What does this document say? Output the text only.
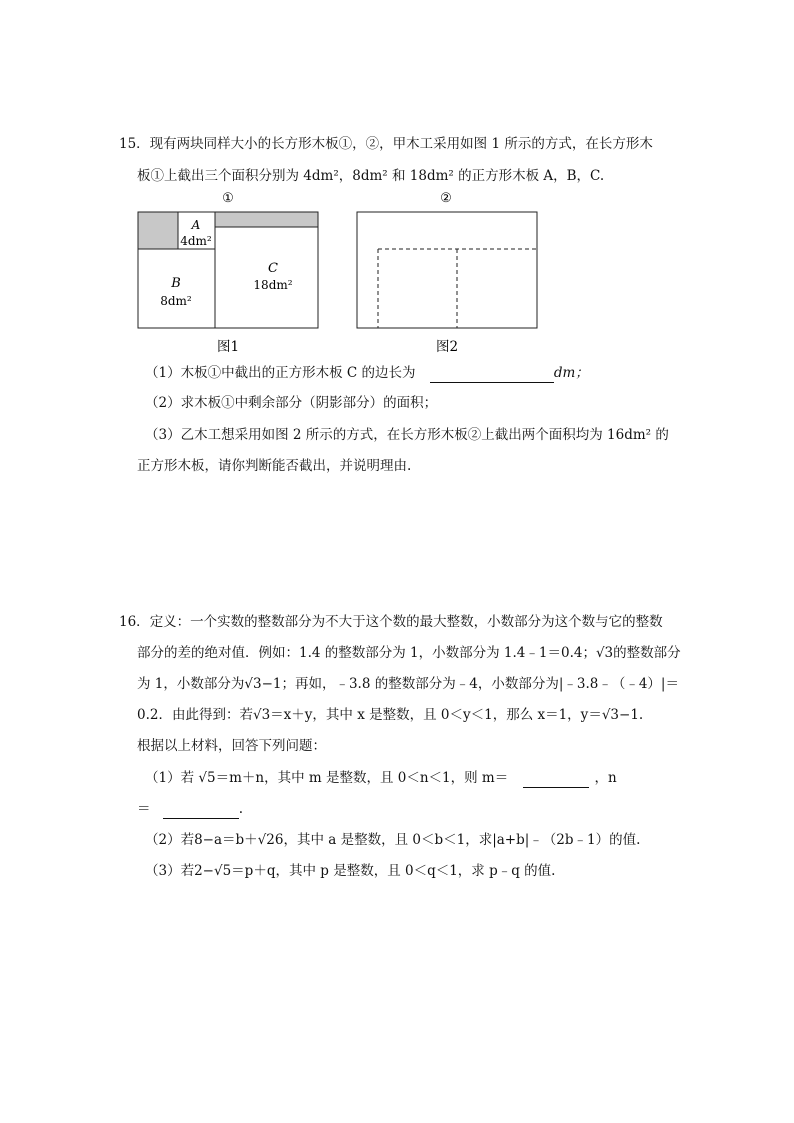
15．现有两块同样大小的长方形木板①，②，甲木工采用如图 1 所示的方式，在长方形木
板①上截出三个面积分别为 4dm²，8dm² 和 18dm² 的正方形木板 A，B，C.
①
A
4dm²
B
8dm²
C
18dm²
图1
②
图2
（1）木板①中截出的正方形木板 C 的边长为	dm；
（2）求木板①中剩余部分（阴影部分）的面积；
（3）乙木工想采用如图 2 所示的方式，在长方形木板②上截出两个面积均为 16dm² 的
正方形木板，请你判断能否截出，并说明理由.
16．定义：一个实数的整数部分为不大于这个数的最大整数，小数部分为这个数与它的整数
部分的差的绝对值．例如：1.4 的整数部分为 1，小数部分为 1.4﹣1＝0.4；√3的整数部分
为 1，小数部分为√3−1；再如，﹣3.8 的整数部分为﹣4，小数部分为|﹣3.8﹣（﹣4）|＝
0.2．由此得到：若√3＝x＋y，其中 x 是整数，且 0＜y＜1，那么 x＝1，y＝√3−1.
根据以上材料，回答下列问题：
（1）若 √5＝m＋n，其中 m 是整数，且 0＜n＜1，则 m＝	，n
＝	.
（2）若8−a＝b＋√26，其中 a 是整数，且 0＜b＜1，求|a+b|﹣（2b﹣1）的值.
（3）若2−√5＝p＋q，其中 p 是整数，且 0＜q＜1，求 p﹣q 的值.
